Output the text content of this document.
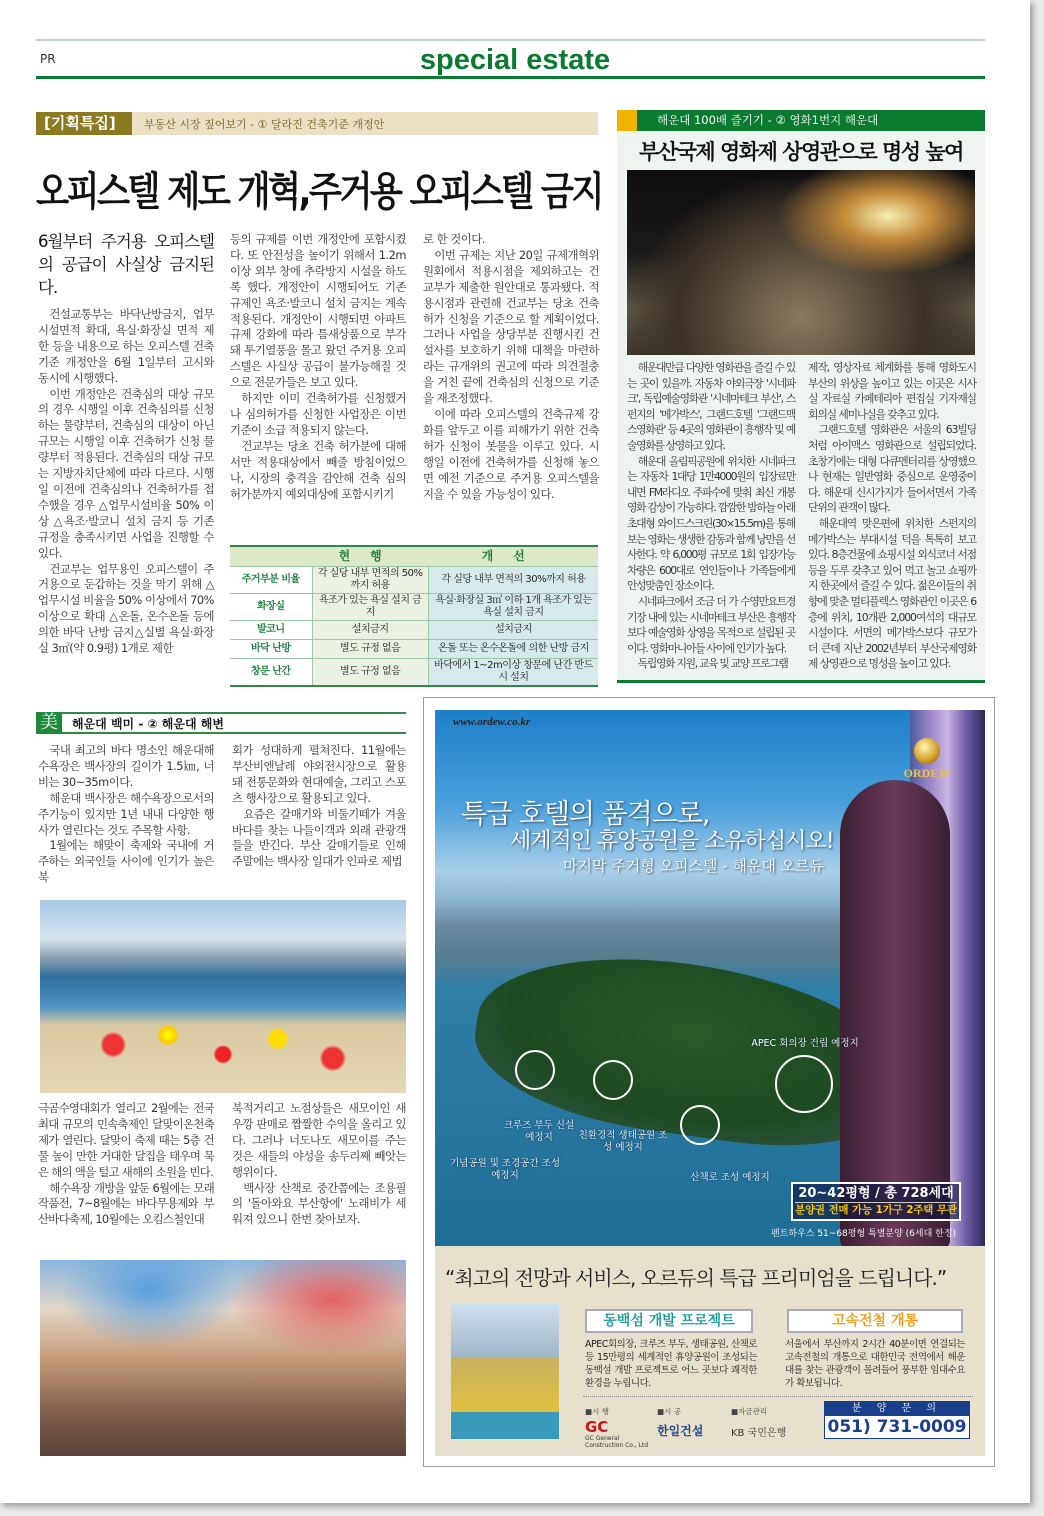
PR	special estate
[기획특집]	부동산 시장 짚어보기 - ① 달라진 건축기준 개정안
오피스텔 제도 개혁,주거용 오피스텔 금지
6월부터 주거용 오피스텔의 공급이 사실상 금지된다.

건설교통부는 바닥난방금지, 업무시설면적 확대, 욕실·화장실 면적 제한 등을 내용으로 하는 오피스텔 건축기준 개정안을 6월 1일부터 고시와 동시에 시행했다.

이번 개정안은 건축심의 대상 규모의 경우 시행일 이후 건축심의를 신청하는 물량부터, 건축심의 대상이 아닌 규모는 시행일 이후 건축허가 신청 물량부터 적용된다. 건축심의 대상 규모는 지방자치단체에 따라 다르다. 시행일 이전에 건축심의나 건축허가를 접수했을 경우 △업무시설비율 50% 이상 △욕조·발코니 설치 금지 등 기존 규정을 충족시키면 사업을 진행할 수 있다.

건교부는 업무용인 오피스텔이 주거용으로 둔갑하는 것을 막기 위해 △업무시설 비율을 50% 이상에서 70% 이상으로 확대 △온돌, 온수온돌 등에 의한 바닥 난방 금지△실별 욕실·화장실 3㎡(약 0.9평) 1개로 제한

등의 규제를 이번 개정안에 포함시켰다. 또 안전성을 높이기 위해서 1.2m 이상 외부 창에 추락방지 시설을 하도록 했다. 개정안이 시행되어도 기존 규제인 욕조·발코니 설치 금지는 계속 적용된다. 개정안이 시행되면 아파트 규제 강화에 따라 틈새상품으로 부각돼 투기열풍을 몰고 왔던 주거용 오피스텔은 사실상 공급이 불가능해질 것으로 전문가들은 보고 있다.

하지만 이미 건축허가를 신청했거나 심의허가를 신청한 사업장은 이번 기준이 소급 적용되지 않는다.

건교부는 당초 건축 허가분에 대해서만 적용대상에서 빼줄 방침이었으나, 시장의 충격을 감안해 건축 심의 허가분까지 예외대상에 포함시키기

로 한 것이다.

이번 규제는 지난 20일 규제개혁위원회에서 적용시점을 제외하고는 건교부가 제출한 원안대로 통과됐다. 적용시점과 관련해 건교부는 당초 건축허가 신청을 기준으로 할 계획이었다. 그러나 사업을 상당부분 진행시킨 건설사를 보호하기 위해 대책을 마련하라는 규개위의 권고에 따라 의견절충을 거친 끝에 건축심의 신청으로 기준을 재조정했다.

이에 따라 오피스텔의 건축규제 강화를 앞두고 이를 피해가기 위한 건축허가 신청이 봇물을 이루고 있다. 시행일 이전에 건축허가를 신청해 놓으면 예전 기준으로 주거용 오피스텔을 지을 수 있을 가능성이 있다.

	현행	개선
주거부분 비율	각 실당 내부 면적의 50%까지 허용	각 실당 내부 면적의 30%까지 허용
화장실	욕조가 있는 욕실 설치 금지	욕실·화장실 3㎡ 이하 1개 욕조가 있는 욕실 설치 금지
발코니	설치금지	설치금지
바닥 난방	별도 규정 없음	온돌 또는 온수온돌에 의한 난방 금지
창문 난간	별도 규정 없음	바닥에서 1~2m이상 창문에 난간 반드시 설치
해운대 100배 즐기기 - ② 영화1번지 해운대
부산국제 영화제 상영관으로 명성 높여

해운대만큼 다양한 영화관을 즐길 수 있는 곳이 있을까. 자동차 야외극장 '시네파크', 독립예술영화관 '시네마테크 부산', 스펀지의 '메가박스', 그랜드호텔 '그랜드맥스영화관' 등 4곳의 영화관이 흥행작 및 예술영화를 상영하고 있다.

해운대 올림픽공원에 위치한 시네파크는 자동차 1대당 1만4000원의 입장료만 내면 FM라디오 주파수에 맞춰 최신 개봉영화 감상이 가능하다. 깜깜한 밤하늘 아래 초대형 와이드스크린(30×15.5m)을 통해 보는 영화는 생생한 감동과 함께 낭만을 선사한다. 약 6,000평 규모로 1회 입장가능 차량은 600대로 연인들이나 가족들에게 안성맞춤인 장소이다.

시네파크에서 조금 더 가 수영만요트경기장 내에 있는 시네마테크 부산은 흥행작보다 예술영화 상영을 목적으로 설립된 곳이다. 영화마니아들 사이에 인기가 높다.

독립영화 지원, 교육 및 교양 프로그램

제작, 영상자료 체계화를 통해 영화도시 부산의 위상을 높이고 있는 이곳은 시사실 자료실 카페테리아 편집실 기자재실 회의실 세미나실을 갖추고 있다.

그랜드호텔 영화관은 서울의 63빌딩처럼 아이맥스 영화관으로 설립되었다. 초창기에는 대형 다큐멘터리를 상영했으나 현재는 일반영화 중심으로 운영중이다. 해운대 신시가지가 들어서면서 가족단위의 관객이 많다.

해운대역 맞은편에 위치한 스펀지의 메가박스는 부대시설 덕을 톡톡히 보고 있다. 8층건물에 쇼핑시설 외식코너 서점 등을 두루 갖추고 있어 먹고 놀고 쇼핑까지 한곳에서 즐길 수 있다. 젊은이들의 취향에 맞춘 멀티플렉스 영화관인 이곳은 6층에 위치, 10개관 2,000여석의 대규모 시설이다. 서면의 메가박스보다 규모가 더 큰데 지난 2002년부터 부산국제영화제 상영관으로 명성을 높이고 있다.

美	해운대 백미 - ② 해운대 해변

국내 최고의 바다 명소인 해운대해수욕장은 백사장의 길이가 1.5㎞, 너비는 30~35m이다.

해운대 백사장은 해수욕장으로서의 주기능이 있지만 1년 내내 다양한 행사가 열린다는 것도 주목할 사항.

1월에는 해맞이 축제와 국내에 거주하는 외국인들 사이에 인기가 높은 북

회가 성대하게 펼쳐진다. 11월에는 부산비엔날레 야외전시장으로 활용돼 전통문화와 현대예술, 그리고 스포츠 행사장으로 활용되고 있다.

요즘은 갈매기와 비둘기떼가 겨울바다를 찾는 나들이객과 외래 관광객들을 반긴다. 부산 갈매기들로 인해 주말에는 백사장 일대가 인파로 제법

극곰수영대회가 열리고 2월에는 전국 최대 규모의 민속축제인 달맞이온천축제가 열린다. 달맞이 축제 때는 5층 건물 높이 만한 거대한 달집을 태우며 묵은 해의 액을 털고 새해의 소원을 빈다.

해수욕장 개방을 앞둔 6월에는 모래작품전, 7~8월에는 바다무용제와 부산바다축제, 10월에는 오킴스철인대

북적거리고 노점상들은 새모이인 새우깡 판매로 짭짤한 수익을 올리고 있다. 그러나 너도나도 새모이를 주는 것은 새들의 야성을 송두리째 빼앗는 행위이다.

백사장 산책로 중간쯤에는 조용필의 '돌아와요 부산항에' 노래비가 세워져 있으니 한번 찾아보자.

www.ordew.co.kr
ORDEW
특급 호텔의 품격으로,
세계적인 휴양공원을 소유하십시오!
마지막 주거형 오피스텔 - 해운대 오르듀
APEC 회의장 건립 예정지
크루즈 부두 신설 예정지
기념공원 및 조경공간 조성 예정지
친환경적 생태공원 조성 예정지
산책로 조성 예정지
20~42평형 / 총 728세대
분양권 전매 가능 1가구 2주택 무관
펜트하우스 51~68평형 특별분양 (6세대 한정)
“최고의 전망과 서비스, 오르듀의 특급 프리미엄을 드립니다.”
동백섬 개발 프로젝트
APEC회의장, 크루즈 부두, 생태공원, 산책로 등 15만평의 세계적인 휴양공원이 조성되는 동백섬 개발 프로젝트로 어느 곳보다 쾌적한 환경을 누립니다.
고속전철 개통
서울에서 부산까지 2시간 40분이면 연결되는 고속전철의 개통으로 대한민국 전역에서 해운대를 찾는 관광객이 몰려들어 풍부한 임대수요가 확보됩니다.
■시 행
GC
GC General Construction Co., Ltd
■시 공
한일건설
■자금관리
KB 국민은행
분 양 문 의
051) 731-0009
